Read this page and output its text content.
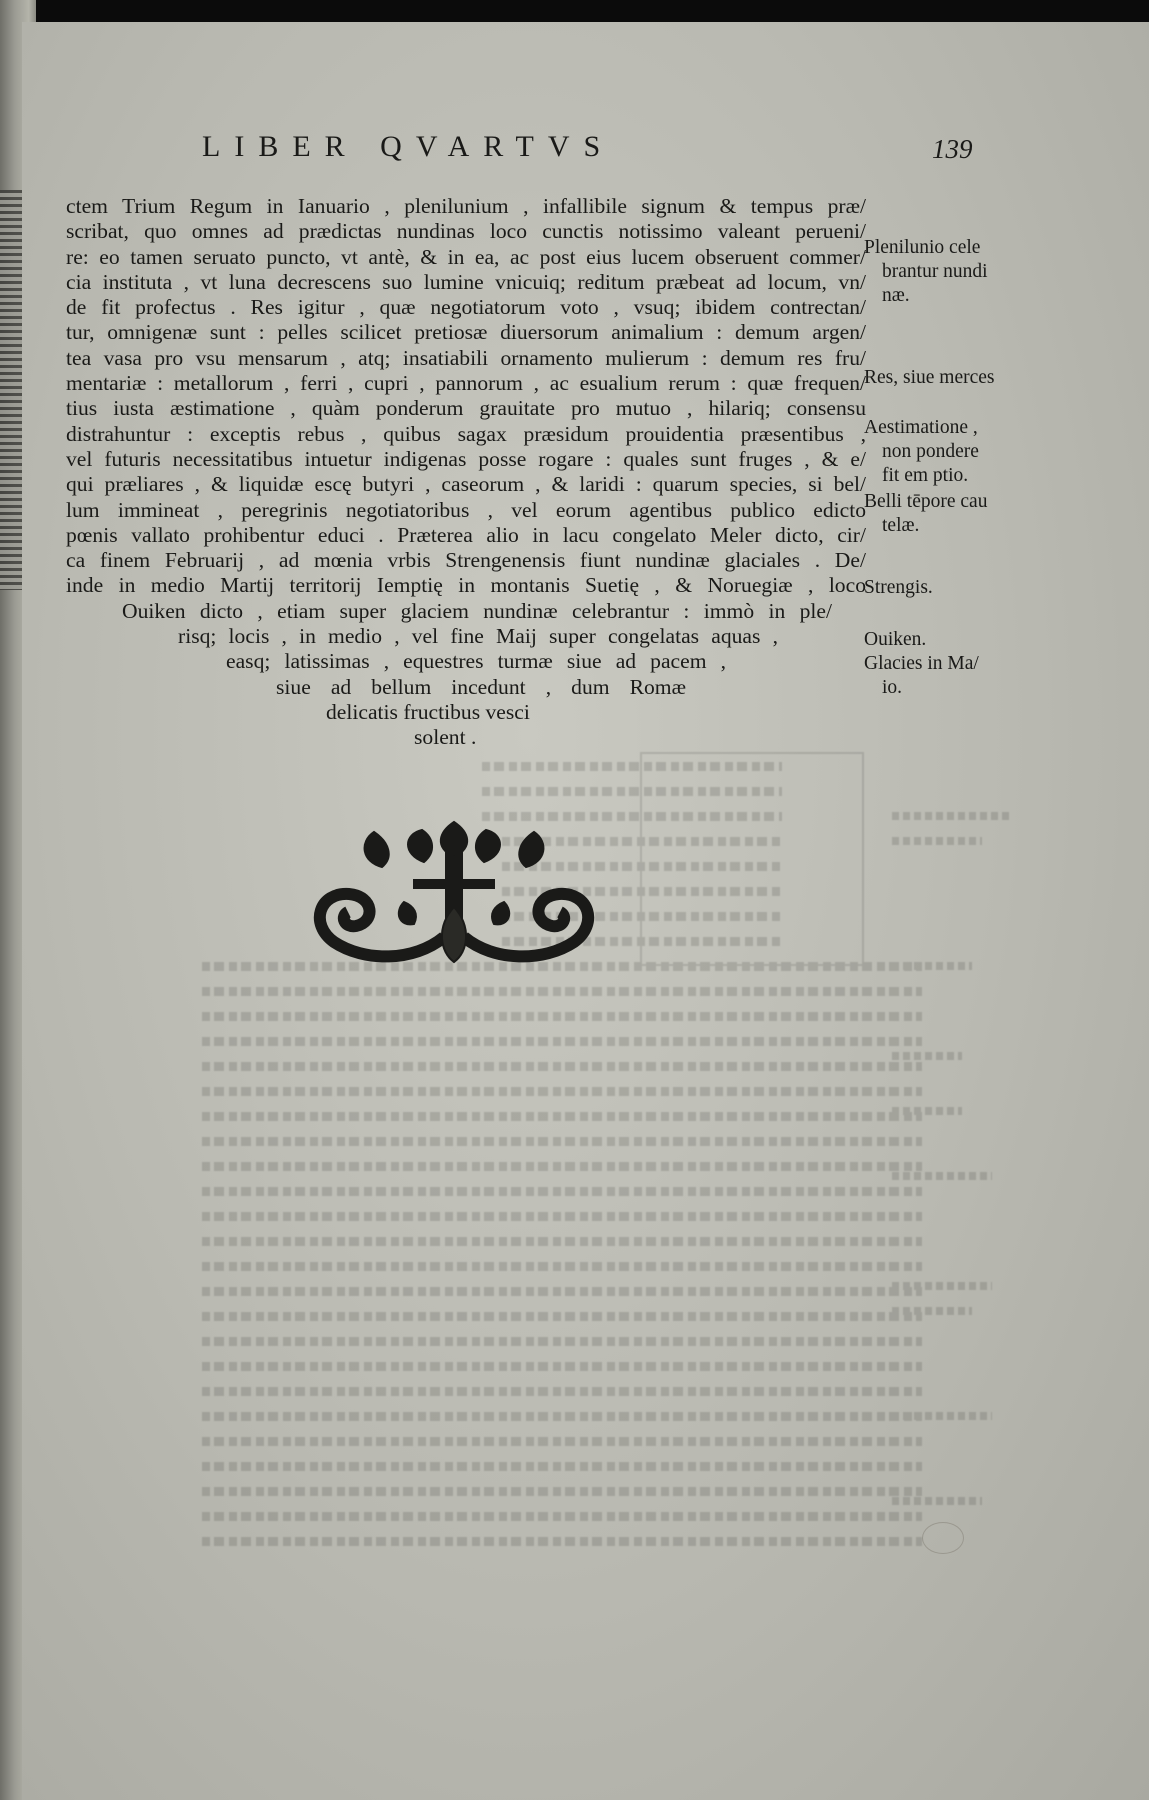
LIBER QVARTVS	139
ctem Trium Regum in Ianuario , plenilunium , infallibile signum & tempus præ/
scribat, quo omnes ad prædictas nundinas loco cunctis notissimo valeant perueni/
re: eo tamen seruato puncto, vt antè, & in ea, ac post eius lucem obseruent commer/
cia instituta , vt luna decrescens suo lumine vnicuiq; reditum præbeat ad locum, vn/
de fit profectus . Res igitur , quæ negotiatorum voto , vsuq; ibidem contrectan/
tur, omnigenæ sunt : pelles scilicet pretiosæ diuersorum animalium : demum argen/
tea vasa pro vsu mensarum , atq; insatiabili ornamento mulierum : demum res fru/
mentariæ : metallorum , ferri , cupri , pannorum , ac esualium rerum : quæ frequen/
tius iusta æstimatione , quàm ponderum grauitate pro mutuo , hilariq; consensu
distrahuntur : exceptis rebus , quibus sagax præsidum prouidentia præsentibus ,
vel futuris necessitatibus intuetur indigenas posse rogare : quales sunt fruges , & e/
qui præliares , & liquidæ escę butyri , caseorum , & laridi : quarum species, si bel/
lum immineat , peregrinis negotiatoribus , vel eorum agentibus publico edicto
pœnis vallato prohibentur educi . Præterea alio in lacu congelato Meler dicto, cir/
ca finem Februarij , ad mœnia vrbis Strengenensis fiunt nundinæ glaciales . De/
inde in medio Martij territorij Iemptię in montanis Suetię , & Noruegiæ , loco
Ouiken dicto , etiam super glaciem nundinæ celebrantur : immò in ple/
risq; locis , in medio , vel fine Maij super congelatas aquas ,
easq; latissimas , equestres turmæ siue ad pacem ,
siue ad bellum incedunt , dum Romæ
delicatis fructibus vesci
solent .
Plenilunio cele
brantur nundi
næ.
Res, siue merces
Aestimatione ,
non pondere
fit em ptio.
Belli tēpore cau
telæ.
Strengis.
Ouiken.
Glacies in Ma/
io.
